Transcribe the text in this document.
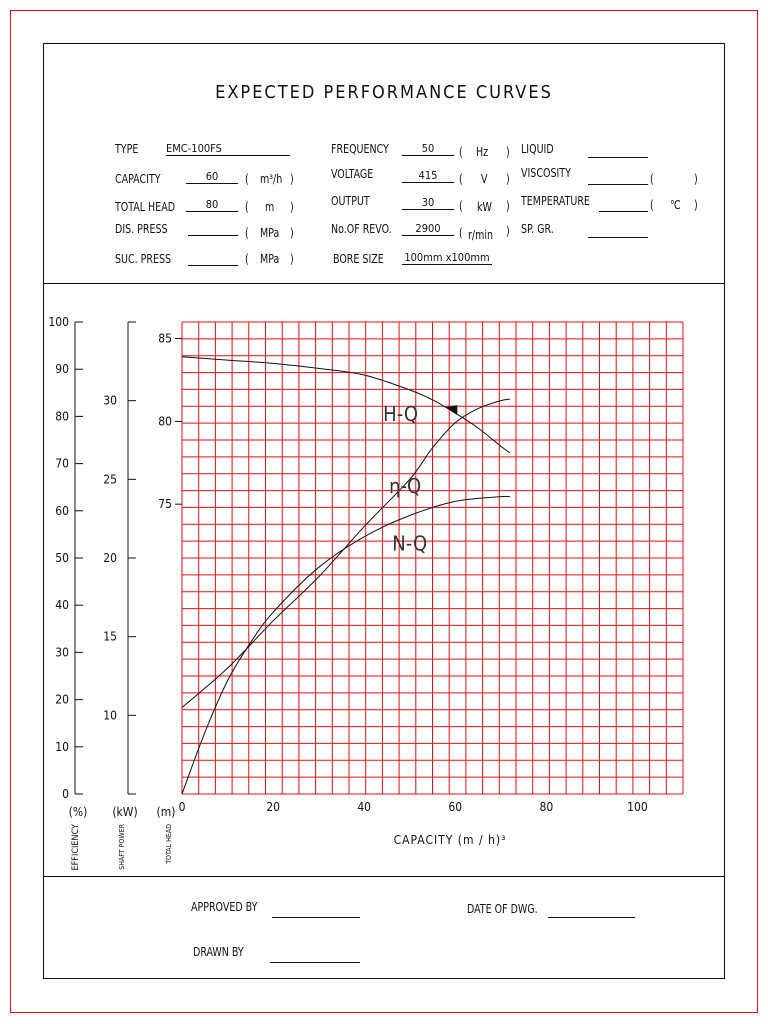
EXPECTED PERFORMANCE CURVES
TYPE	EMC-100FS
CAPACITY	60	( m³/h )
TOTAL HEAD	80	( m )
DIS. PRESS	( MPa )
SUC. PRESS	( MPa )
FREQUENCY	50	( Hz )
VOLTAGE	415	( V )
OUTPUT	30	( kW )
No.OF REVO.	2900	( r/min )
BORE SIZE 100mm x100mm
LIQUID
VISCOSITY	(	)
TEMPERATURE	( ℃ )
SP. GR.
0	20	40	60	80	100
0
10
20
30
40
50
60
70
80
90
100
10
15
20
25
30
75
80
85
(%) (kW) (m)
EFFICIENCY	SHAFT POWER	TOTAL HEAD	CAPACITY (m / h)³
H-Q
η-Q
N-Q
APPROVED BY	DATE OF DWG.
DRAWN BY
